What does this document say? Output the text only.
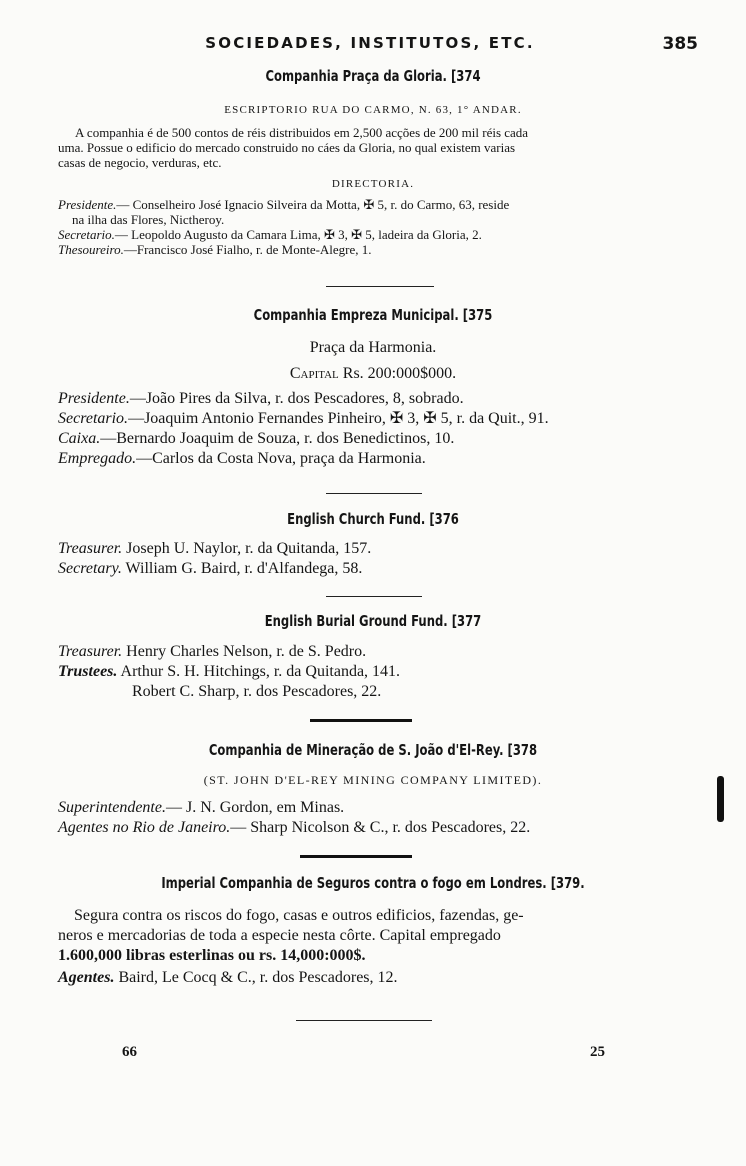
SOCIEDADES, INSTITUTOS, ETC.	385
Companhia Praça da Gloria. [374
ESCRIPTORIO RUA DO CARMO, N. 63, 1° ANDAR.
A companhia é de 500 contos de réis distribuidos em 2,500 acções de 200 mil réis cada
uma. Possue o edificio do mercado construido no cáes da Gloria, no qual existem varias
casas de negocio, verduras, etc.
DIRECTORIA.
Presidente.— Conselheiro José Ignacio Silveira da Motta, ✠ 5, r. do Carmo, 63, reside
na ilha das Flores, Nictheroy.
Secretario.— Leopoldo Augusto da Camara Lima, ✠ 3, ✠ 5, ladeira da Gloria, 2.
Thesoureiro.—Francisco José Fialho, r. de Monte-Alegre, 1.
Companhia Empreza Municipal. [375
Praça da Harmonia.
Capital Rs. 200:000$000.
Presidente.—João Pires da Silva, r. dos Pescadores, 8, sobrado.
Secretario.—Joaquim Antonio Fernandes Pinheiro, ✠ 3, ✠ 5, r. da Quit., 91.
Caixa.—Bernardo Joaquim de Souza, r. dos Benedictinos, 10.
Empregado.—Carlos da Costa Nova, praça da Harmonia.
English Church Fund. [376
Treasurer. Joseph U. Naylor, r. da Quitanda, 157.
Secretary. William G. Baird, r. d'Alfandega, 58.
English Burial Ground Fund. [377
Treasurer. Henry Charles Nelson, r. de S. Pedro.
Trustees. Arthur S. H. Hitchings, r. da Quitanda, 141.
Robert C. Sharp, r. dos Pescadores, 22.
Companhia de Mineração de S. João d'El-Rey. [378
(ST. JOHN D'EL-REY MINING COMPANY LIMITED).
Superintendente.— J. N. Gordon, em Minas.
Agentes no Rio de Janeiro.— Sharp Nicolson & C., r. dos Pescadores, 22.
Imperial Companhia de Seguros contra o fogo em Londres. [379.
Segura contra os riscos do fogo, casas e outros edificios, fazendas, ge-
neros e mercadorias de toda a especie nesta côrte. Capital empregado
1.600,000 libras esterlinas ou rs. 14,000:000$.
Agentes. Baird, Le Cocq & C., r. dos Pescadores, 12.
66	25
